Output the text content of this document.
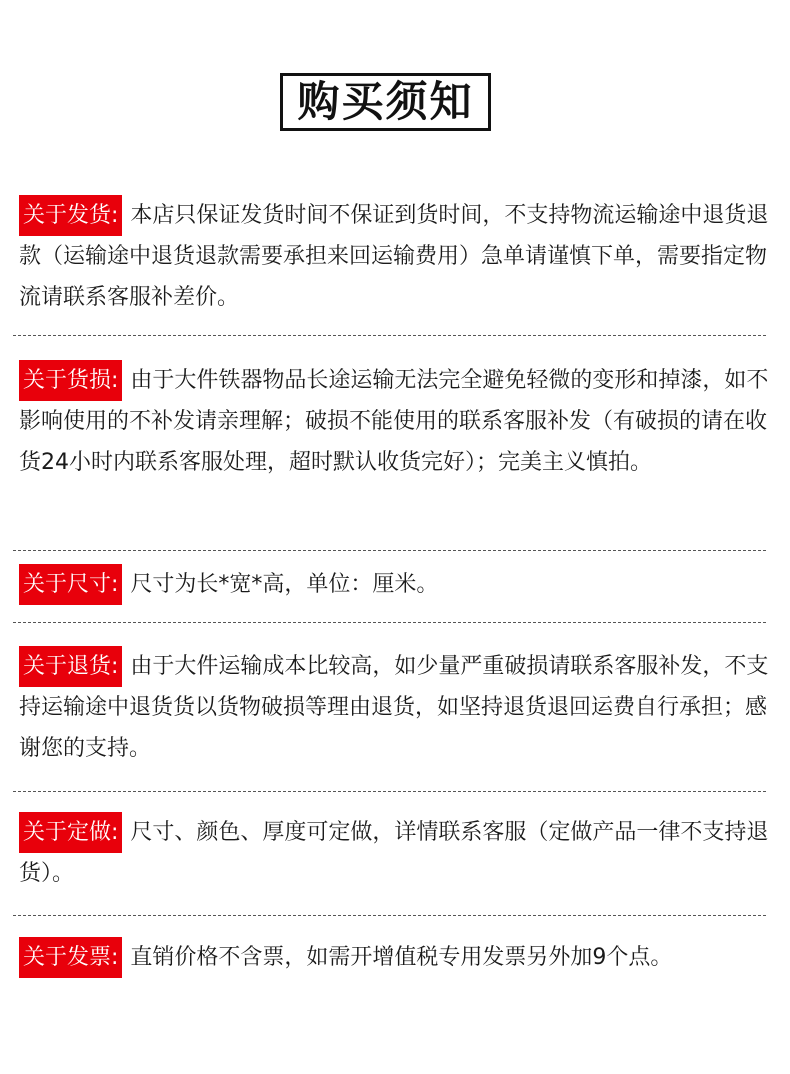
购买须知
关于发货: 本店只保证发货时间不保证到货时间，不支持物流运输途中退货退款（运输途中退货退款需要承担来回运输费用）急单请谨慎下单，需要指定物流请联系客服补差价。
关于货损: 由于大件铁器物品长途运输无法完全避免轻微的变形和掉漆，如不影响使用的不补发请亲理解；破损不能使用的联系客服补发（有破损的请在收货24小时内联系客服处理，超时默认收货完好）；完美主义慎拍。
关于尺寸: 尺寸为长*宽*高，单位：厘米。
关于退货: 由于大件运输成本比较高，如少量严重破损请联系客服补发，不支持运输途中退货货以货物破损等理由退货，如坚持退货退回运费自行承担；感谢您的支持。
关于定做: 尺寸、颜色、厚度可定做，详情联系客服（定做产品一律不支持退货）。
关于发票: 直销价格不含票，如需开增值税专用发票另外加9个点。
